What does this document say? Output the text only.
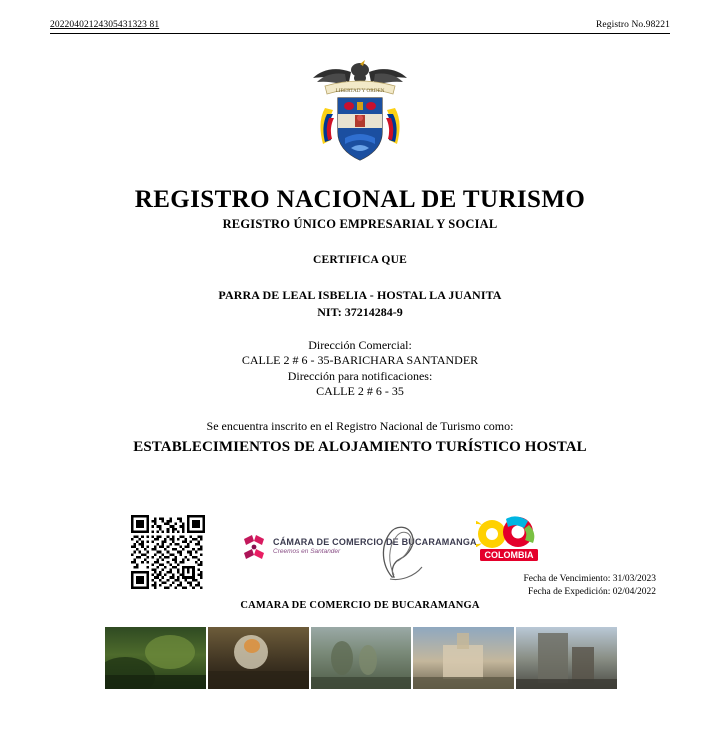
20220402124305431323 81	Registro No.98221
LIBERTAD Y ORDEN
REGISTRO NACIONAL DE TURISMO
REGISTRO ÚNICO EMPRESARIAL Y SOCIAL
CERTIFICA QUE
PARRA DE LEAL ISBELIA - HOSTAL LA JUANITA
NIT: 37214284-9
Dirección Comercial:
CALLE 2 # 6 - 35-BARICHARA SANTANDER
Dirección para notificaciones:
CALLE 2 # 6 - 35
Se encuentra inscrito en el Registro Nacional de Turismo como:
ESTABLECIMIENTOS DE ALOJAMIENTO TURÍSTICO HOSTAL
CÁMARA DE COMERCIO DE BUCARAMANGA
Creemos en Santander	COLOMBIA
Fecha de Vencimiento: 31/03/2023
Fecha de Expedición: 02/04/2022
CAMARA DE COMERCIO DE BUCARAMANGA
